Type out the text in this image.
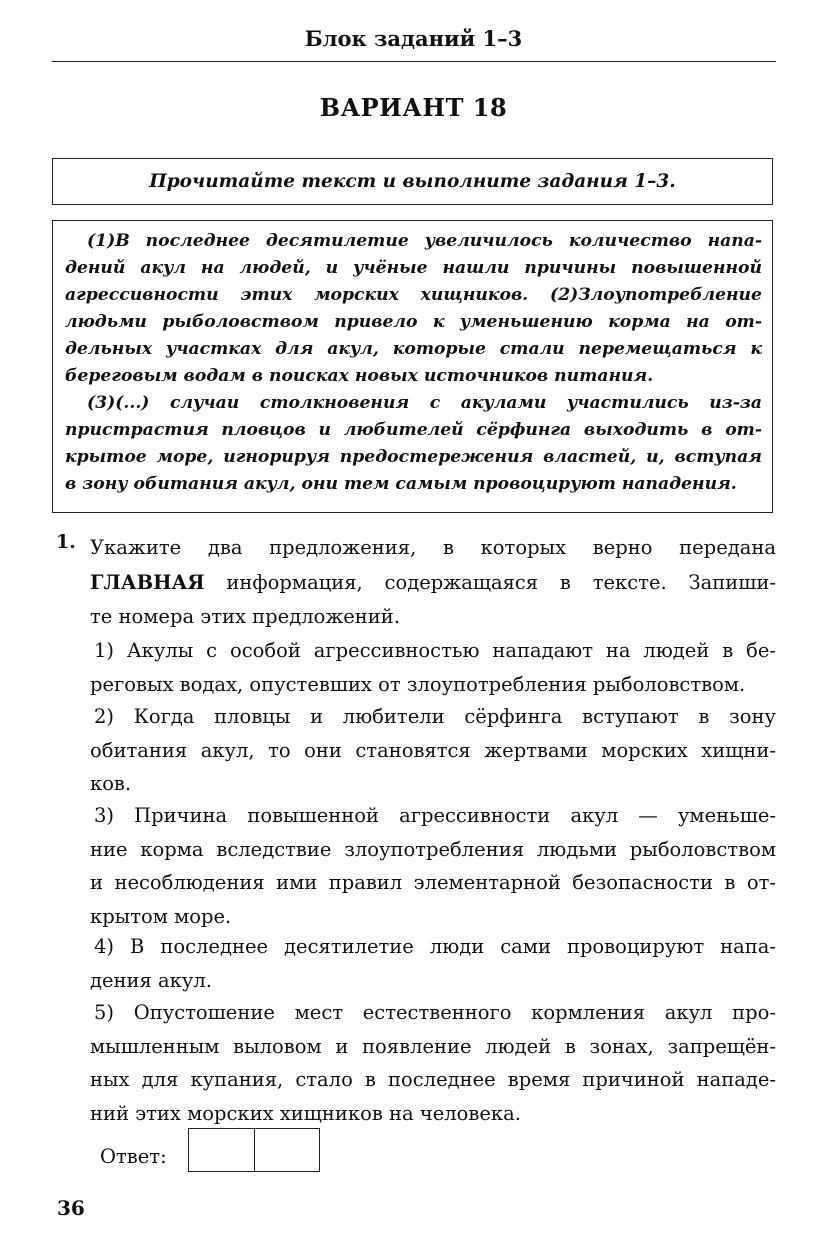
Блок заданий 1–3
ВАРИАНТ 18
Прочитайте текст и выполните задания 1–3.

(1)В последнее десятилетие увеличилось количество напа-

дений акул на людей, и учёные нашли причины повышенной

агрессивности этих морских хищников. (2)Злоупотребление

людьми рыболовством привело к уменьшению корма на от-

дельных участках для акул, которые стали перемещаться к

береговым водам в поисках новых источников питания.

(3)(...) случаи столкновения с акулами участились из-за

пристрастия пловцов и любителей сёрфинга выходить в от-

крытое море, игнорируя предостережения властей, и, вступая

в зону обитания акул, они тем самым провоцируют нападения.

1. Укажите два предложения, в которых верно передана
ГЛАВНАЯ информация, содержащаяся в тексте. Запиши-
те номера этих предложений.
1) Акулы с особой агрессивностью нападают на людей в бе-
реговых водах, опустевших от злоупотребления рыболовством.
2) Когда пловцы и любители сёрфинга вступают в зону
обитания акул, то они становятся жертвами морских хищни-
ков.
3) Причина повышенной агрессивности акул — уменьше-
ние корма вследствие злоупотребления людьми рыболовством
и несоблюдения ими правил элементарной безопасности в от-
крытом море.
4) В последнее десятилетие люди сами провоцируют напа-
дения акул.
5) Опустошение мест естественного кормления акул про-
мышленным выловом и появление людей в зонах, запрещён-
ных для купания, стало в последнее время причиной нападе-
ний этих морских хищников на человека.
Ответ:
36
